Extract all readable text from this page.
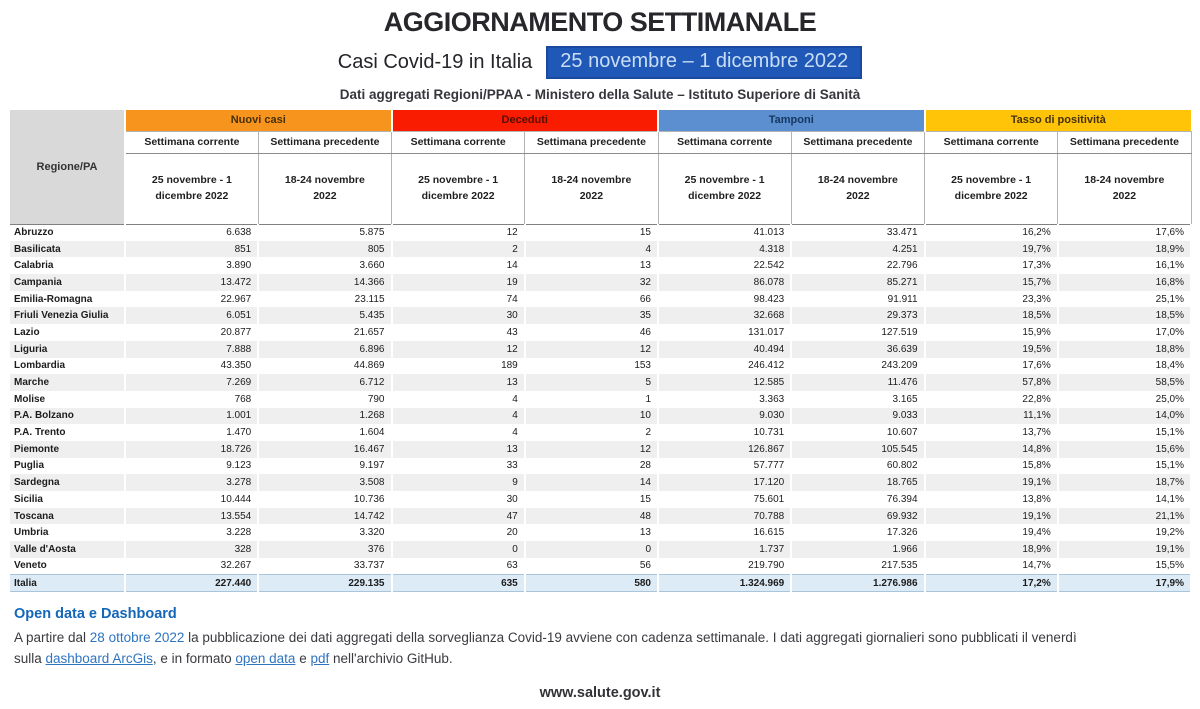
AGGIORNAMENTO SETTIMANALE
Casi Covid-19 in Italia	25 novembre – 1 dicembre 2022
Dati aggregati Regioni/PPAA - Ministero della Salute – Istituto Superiore di Sanità
Regione/PA	Nuovi casi		Deceduti		Tamponi		Tasso di positività	
	Settimana corrente	Settimana precedente	Settimana corrente	Settimana precedente	Settimana corrente	Settimana precedente	Settimana corrente	Settimana precedente
	25 novembre - 1 dicembre 2022	18-24 novembre 2022	25 novembre - 1 dicembre 2022	18-24 novembre 2022	25 novembre - 1 dicembre 2022	18-24 novembre 2022	25 novembre - 1 dicembre 2022	18-24 novembre 2022
Abruzzo	6.638	5.875	12	15	41.013	33.471	16,2%	17,6%
Basilicata	851	805	2	4	4.318	4.251	19,7%	18,9%
Calabria	3.890	3.660	14	13	22.542	22.796	17,3%	16,1%
Campania	13.472	14.366	19	32	86.078	85.271	15,7%	16,8%
Emilia-Romagna	22.967	23.115	74	66	98.423	91.911	23,3%	25,1%
Friuli Venezia Giulia	6.051	5.435	30	35	32.668	29.373	18,5%	18,5%
Lazio	20.877	21.657	43	46	131.017	127.519	15,9%	17,0%
Liguria	7.888	6.896	12	12	40.494	36.639	19,5%	18,8%
Lombardia	43.350	44.869	189	153	246.412	243.209	17,6%	18,4%
Marche	7.269	6.712	13	5	12.585	11.476	57,8%	58,5%
Molise	768	790	4	1	3.363	3.165	22,8%	25,0%
P.A. Bolzano	1.001	1.268	4	10	9.030	9.033	11,1%	14,0%
P.A. Trento	1.470	1.604	4	2	10.731	10.607	13,7%	15,1%
Piemonte	18.726	16.467	13	12	126.867	105.545	14,8%	15,6%
Puglia	9.123	9.197	33	28	57.777	60.802	15,8%	15,1%
Sardegna	3.278	3.508	9	14	17.120	18.765	19,1%	18,7%
Sicilia	10.444	10.736	30	15	75.601	76.394	13,8%	14,1%
Toscana	13.554	14.742	47	48	70.788	69.932	19,1%	21,1%
Umbria	3.228	3.320	20	13	16.615	17.326	19,4%	19,2%
Valle d'Aosta	328	376	0	0	1.737	1.966	18,9%	19,1%
Veneto	32.267	33.737	63	56	219.790	217.535	14,7%	15,5%
Italia	227.440	229.135	635	580	1.324.969	1.276.986	17,2%	17,9%
Open data e Dashboard
A partire dal 28 ottobre 2022 la pubblicazione dei dati aggregati della sorveglianza Covid-19 avviene con cadenza settimanale. I dati aggregati giornalieri sono pubblicati il venerdì
sulla dashboard ArcGis, e in formato open data e pdf nell'archivio GitHub.
www.salute.gov.it
